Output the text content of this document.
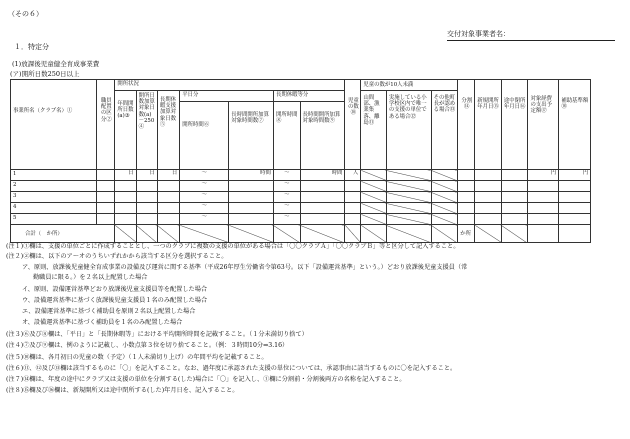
（その６）
交付対象事業者名：
１．特定分
(1)放課後児童健全育成事業費
(ア)開所日数250日以上
事業所名（クラブ名）①	職員配置の区分②	開所状況							児童の数⑩	児童の数が10人未満			分割⑭	新規開所年月日⑮	途中閉所年月日⑯	対象経費の支出予定額⑰	補助基準額⑱
		年間開所日数(a)③	開所日数加算対象日数(a)－250④	長期休暇支援加算対象日数⑤	平日分		長期休暇等分			山間部、漁業集落、離島⑪	実施している小学校区内で唯一の支援の単位である場合⑫	その他町長が認める場合⑬					
					開所時間⑥	長時間開所加算対象時間数⑦	開所時間⑧	長時間開所加算対象時間数⑨									
1		日	日	日	～	時間	～	時間	人							円	円
2					～		～										
3					～		～										
4					～		～										
5					～		～										
合計（　か所）													か所				
(注１)①欄は、支援の単位ごとに作成することとし、一つのクラブに複数の支援の単位がある場合は「〇〇クラブＡ」「〇〇クラブＢ」等と区分して記入すること。
(注２)②欄は、以下のア～オのうちいずれかから該当する区分を選択すること。
ア、原則、放課後児童健全育成事業の設備及び運営に関する基準（平成26年厚生労働省令第63号。以下「設備運営基準」という。）どおり放課後児童支援員（常
勤職員に限る。）を２名以上配置した場合
イ、原則、設備運営基準どおり放課後児童支援員等を配置した場合
ウ、設備運営基準に基づく放課後児童支援員１名のみ配置した場合
エ、設備運営基準に基づく補助員を原則２名以上配置した場合
オ、設備運営基準に基づく補助員を１名のみ配置した場合
(注３)⑥及び⑧欄は、「平日」と「長期休暇等」における平均開所時間を記載すること。（１分未満切り捨て）
(注４)⑦及び⑨欄は、例のように記載し、小数点第３位を切り捨てること。（例：３時間10分⇒3.16）
(注５)⑩欄は、各月初日の児童の数（予定）（１人未満切り上げ）の年間平均を記載すること。
(注６)⑪、⑫及び⑬欄は該当するものに「〇」を記入すること。なお、過年度に承認された支援の単位については、承認事由に該当するものに〇を記入すること。
(注７)⑭欄は、年度の途中にクラブ又は支援の単位を分割する(した)場合に「〇」を記入し、①欄に分割前・分割後両方の名称を記入すること。
(注８)⑮欄及び⑯欄は、新規開所又は途中閉所する(した)年月日を、記入すること。
